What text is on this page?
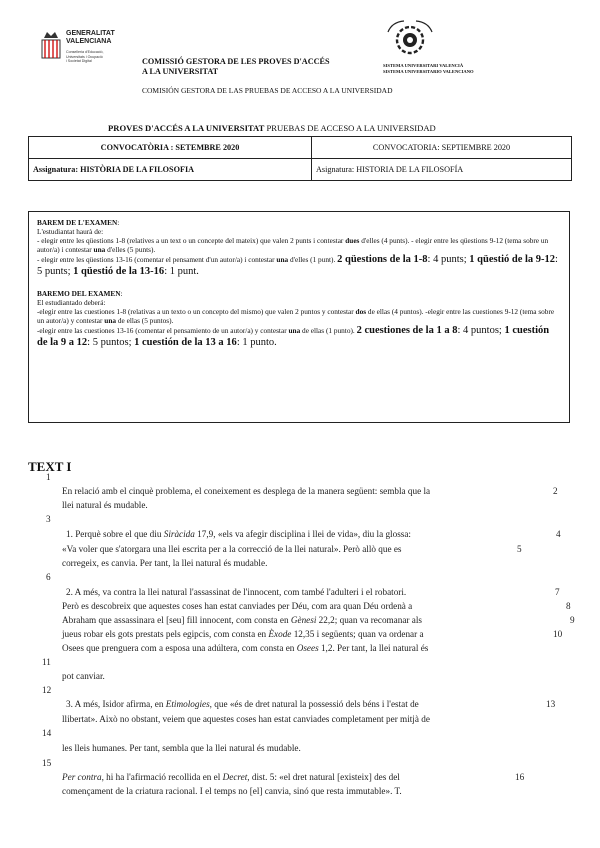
GENERALITAT
VALENCIANA
Conselleria d'Educació,
Universitats i Ocupació
i Societat Digital	COMISSIÓ GESTORA DE LES PROVES D'ACCÉS
A LA UNIVERSITAT
COMISIÓN GESTORA DE LAS PRUEBAS DE ACCESO A LA UNIVERSIDAD
SISTEMA UNIVERSITARI VALENCIÀ
SISTEMA UNIVERSITARIO VALENCIANO
PROVES D'ACCÉS A LA UNIVERSITAT PRUEBAS DE ACCESO A LA UNIVERSIDAD
CONVOCATÒRIA : SETEMBRE 2020	CONVOCATORIA: SEPTIEMBRE 2020
Assignatura: HISTÒRIA DE LA FILOSOFIA	Asignatura: HISTORIA DE LA FILOSOFÍA

BAREM DE L'EXAMEN:

L'estudiantat haurà de:

- elegir entre les qüestions 1-8 (relatives a un text o un concepte del mateix) que valen 2 punts i contestar dues d'elles (4 punts). - elegir entre les qüestions 9-12 (tema sobre un autor/a) i contestar una d'elles (5 punts).

- elegir entre les qüestions 13-16 (comentar el pensament d'un autor/a) i contestar una d'elles (1 punt). 2 qüestions de la 1-8: 4 punts; 1 qüestió de la 9-12: 5 punts; 1 qüestió de la 13-16: 1 punt.

BAREMO DEL EXAMEN:

El estudiantado deberá:

-elegir entre las cuestiones 1-8 (relativas a un texto o un concepto del mismo) que valen 2 puntos y contestar dos de ellas (4 puntos). -elegir entre las cuestiones 9-12 (tema sobre un autor/a) y contestar una de ellas (5 puntos).

-elegir entre las cuestiones 13-16 (comentar el pensamiento de un autor/a) y contestar una de ellas (1 punto). 2 cuestiones de la 1 a 8: 4 puntos; 1 cuestión de la 9 a 12: 5 puntos; 1 cuestión de la 13 a 16: 1 punto.

TEXT I
1
2
3
4
5
6
7
8
9
10
11
12
13
14
15
16
En relació amb el cinquè problema, el coneixement es desplega de la manera següent: sembla que la
llei natural és mudable.
1. Perquè sobre el que diu Siràcida 17,9, «els va afegir disciplina i llei de vida», diu la glossa:
«Va voler que s'atorgara una llei escrita per a la correcció de la llei natural». Però allò que es
corregeix, es canvia. Per tant, la llei natural és mudable.
2. A més, va contra la llei natural l'assassinat de l'innocent, com també l'adulteri i el robatori.
Però es descobreix que aquestes coses han estat canviades per Déu, com ara quan Déu ordenà a
Abraham que assassinara el [seu] fill innocent, com consta en Gènesi 22,2; quan va recomanar als
jueus robar els gots prestats pels egipcis, com consta en Èxode 12,35 i següents; quan va ordenar a
Osees que prenguera com a esposa una adúltera, com consta en Osees 1,2. Per tant, la llei natural és
pot canviar.
3. A més, Isidor afirma, en Etimologies, que «és de dret natural la possessió dels béns i l'estat de
llibertat». Això no obstant, veiem que aquestes coses han estat canviades completament per mitjà de
les lleis humanes. Per tant, sembla que la llei natural és mudable.
Per contra, hi ha l'afirmació recollida en el Decret, dist. 5: «el dret natural [existeix] des del
començament de la criatura racional. I el temps no [el] canvia, sinó que resta immutable». T.
